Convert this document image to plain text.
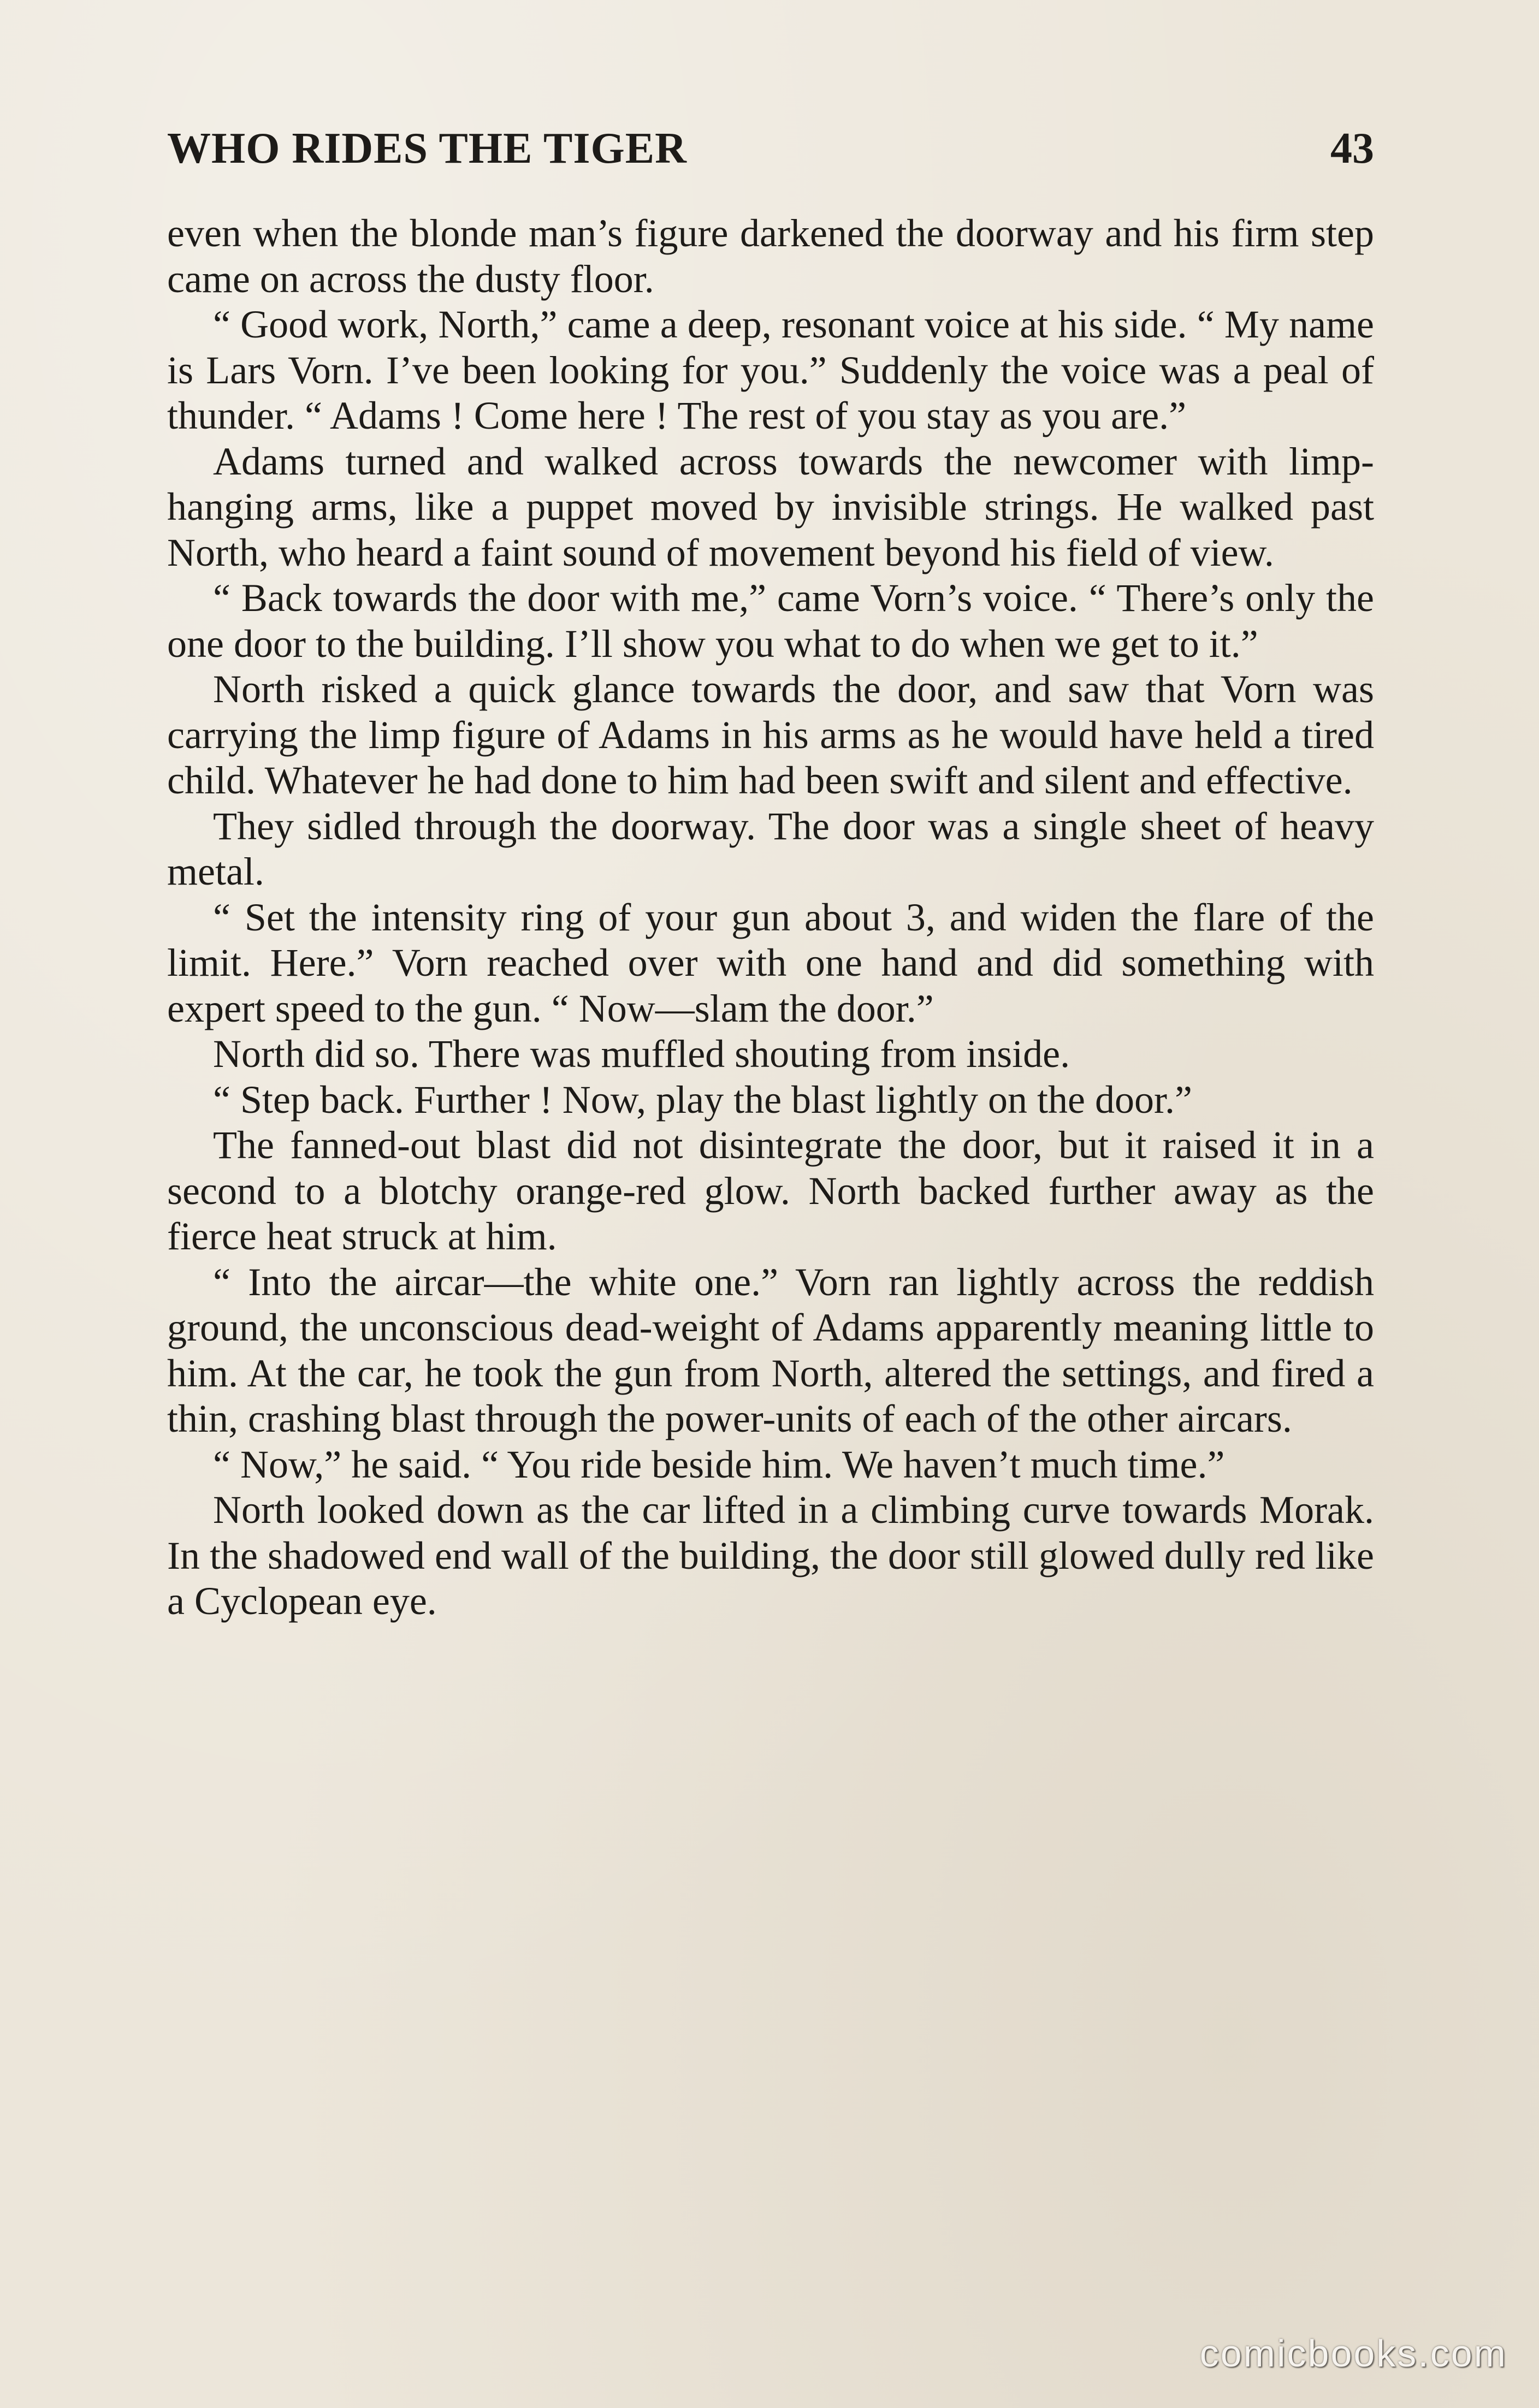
WHO RIDES THE TIGER	43

even when the blonde man’s figure darkened the doorway and his firm step came on across the dusty floor.

“ Good work, North,” came a deep, resonant voice at his side. “ My name is Lars Vorn. I’ve been looking for you.” Suddenly the voice was a peal of thunder. “ Adams ! Come here ! The rest of you stay as you are.”

Adams turned and walked across towards the newcomer with limp-hanging arms, like a puppet moved by invisible strings. He walked past North, who heard a faint sound of movement beyond his field of view.

“ Back towards the door with me,” came Vorn’s voice. “ There’s only the one door to the building. I’ll show you what to do when we get to it.”

North risked a quick glance towards the door, and saw that Vorn was carrying the limp figure of Adams in his arms as he would have held a tired child. Whatever he had done to him had been swift and silent and effective.

They sidled through the doorway. The door was a single sheet of heavy metal.

“ Set the intensity ring of your gun about 3, and widen the flare of the limit. Here.” Vorn reached over with one hand and did something with expert speed to the gun. “ Now—slam the door.”

North did so. There was muffled shouting from inside.

“ Step back. Further ! Now, play the blast lightly on the door.”

The fanned-out blast did not disintegrate the door, but it raised it in a second to a blotchy orange-red glow. North backed further away as the fierce heat struck at him.

“ Into the aircar—the white one.” Vorn ran lightly across the reddish ground, the unconscious dead-weight of Adams apparently meaning little to him. At the car, he took the gun from North, altered the settings, and fired a thin, crashing blast through the power-units of each of the other aircars.

“ Now,” he said. “ You ride beside him. We haven’t much time.”

North looked down as the car lifted in a climbing curve towards Morak. In the shadowed end wall of the building, the door still glowed dully red like a Cyclopean eye.

comicbooks.com
